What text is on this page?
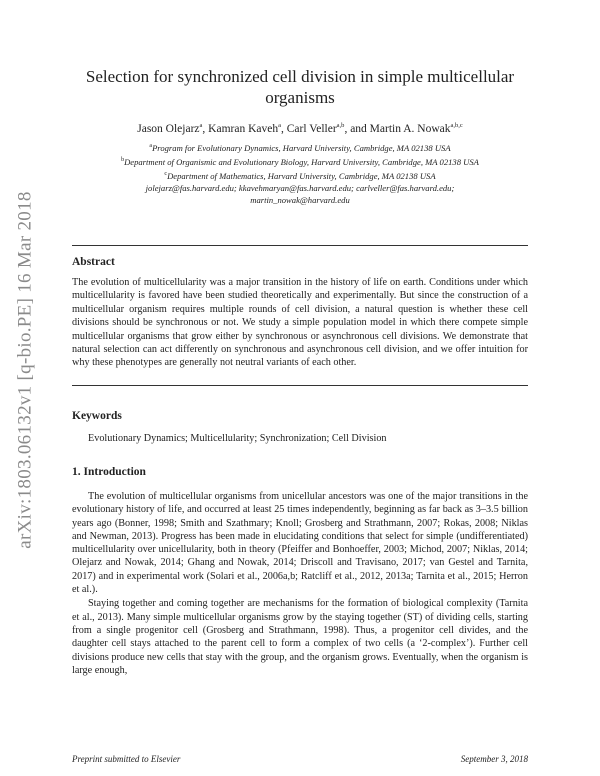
arXiv:1803.06132v1 [q-bio.PE] 16 Mar 2018
Selection for synchronized cell division in simple multicellular
organisms
Jason Olejarz$^a$, Kamran Kaveh$^a$, Carl Veller$^{a,b}$, and Martin A. Nowak$^{a,b,c}$
$^a$Program for Evolutionary Dynamics, Harvard University, Cambridge, MA 02138 USA
$^b$Department of Organismic and Evolutionary Biology, Harvard University, Cambridge, MA 02138 USA
$^c$Department of Mathematics, Harvard University, Cambridge, MA 02138 USA
jolejarz@fas.harvard.edu; kkavehmaryan@fas.harvard.edu; carlveller@fas.harvard.edu;
martin_nowak@harvard.edu
Abstract
The evolution of multicellularity was a major transition in the history of life on earth. Conditions under which multicellularity is favored have been studied theoretically and experimentally. But since the construction of a multicellular organism requires multiple rounds of cell division, a natural question is whether these cell divisions should be synchronous or not. We study a simple population model in which there compete simple multicellular organisms that grow either by synchronous or asynchronous cell divisions. We demonstrate that natural selection can act differently on synchronous and asynchronous cell division, and we offer intuition for why these phenotypes are generally not neutral variants of each other.
Keywords
Evolutionary Dynamics; Multicellularity; Synchronization; Cell Division
1. Introduction

The evolution of multicellular organisms from unicellular ancestors was one of the major transitions in the evolutionary history of life, and occurred at least 25 times independently, beginning as far back as 3–3.5 billion years ago (Bonner, 1998; Smith and Szathmary; Knoll; Grosberg and Strathmann, 2007; Rokas, 2008; Niklas and Newman, 2013). Progress has been made in elucidating conditions that select for simple (undifferentiated) multicellularity over unicellularity, both in theory (Pfeiffer and Bonhoeffer, 2003; Michod, 2007; Niklas, 2014; Olejarz and Nowak, 2014; Ghang and Nowak, 2014; Driscoll and Travisano, 2017; van Gestel and Tarnita, 2017) and in experimental work (Solari et al., 2006a,b; Ratcliff et al., 2012, 2013a; Tarnita et al., 2015; Herron et al.).

Staying together and coming together are mechanisms for the formation of biological complexity (Tarnita et al., 2013). Many simple multicellular organisms grow by the staying together (ST) of dividing cells, starting from a single progenitor cell (Grosberg and Strathmann, 1998). Thus, a progenitor cell divides, and the daughter cell stays attached to the parent cell to form a complex of two cells (a ‘2-complex’). Further cell divisions produce new cells that stay with the group, and the organism grows. Eventually, when the organism is large enough,

Preprint submitted to Elsevier	September 3, 2018
